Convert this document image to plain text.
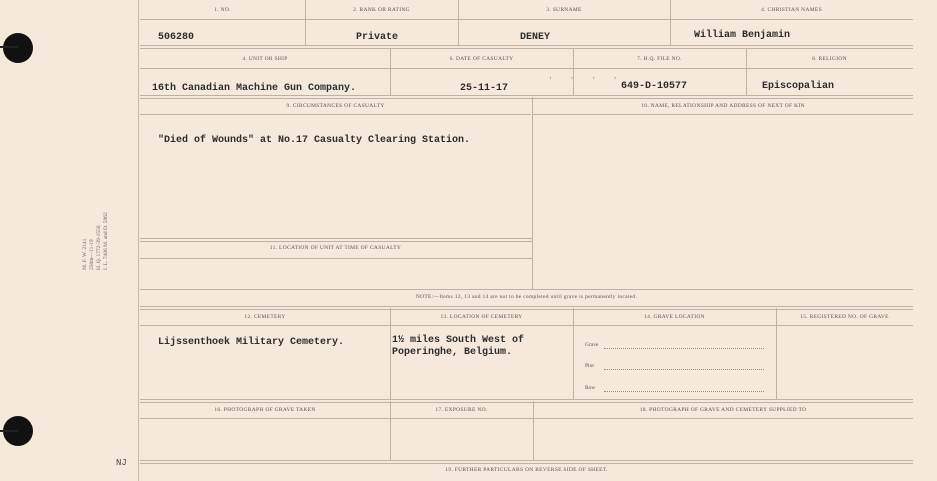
M. F. W. 2141 250m—11-19 H. Q. 1772-39-1558 I. L. 7486 M. and D. 5962
NJ
1. NO.	2. RANK OR RATING	3. SURNAME	4. CHRISTIAN NAMES
506280	Private	DENEY	William Benjamin
4. UNIT OR SHIP	6. DATE OF CASUALTY	7. H.Q. FILE NO.	8. RELIGION
· · · ·
16th Canadian Machine Gun Company.	25-11-17	649-D-10577	Episcopalian
9. CIRCUMSTANCES OF CASUALTY	10. NAME, RELATIONSHIP AND ADDRESS OF NEXT OF KIN
"Died of Wounds" at No.17 Casualty Clearing Station.
11. LOCATION OF UNIT AT TIME OF CASUALTY
NOTE:—Items 12, 13 and 14 are not to be completed until grave is permanently located.
12. CEMETERY	13. LOCATION OF CEMETERY	14. GRAVE LOCATION	15. REGISTERED NO. OF GRAVE
Lijssenthoek Military Cemetery.	1½ miles South West of
Poperinghe, Belgium.
Grave
Plot
Row
16. PHOTOGRAPH OF GRAVE TAKEN	17. EXPOSURE NO.	18. PHOTOGRAPH OF GRAVE AND CEMETERY SUPPLIED TO
19. FURTHER PARTICULARS ON REVERSE SIDE OF SHEET.
